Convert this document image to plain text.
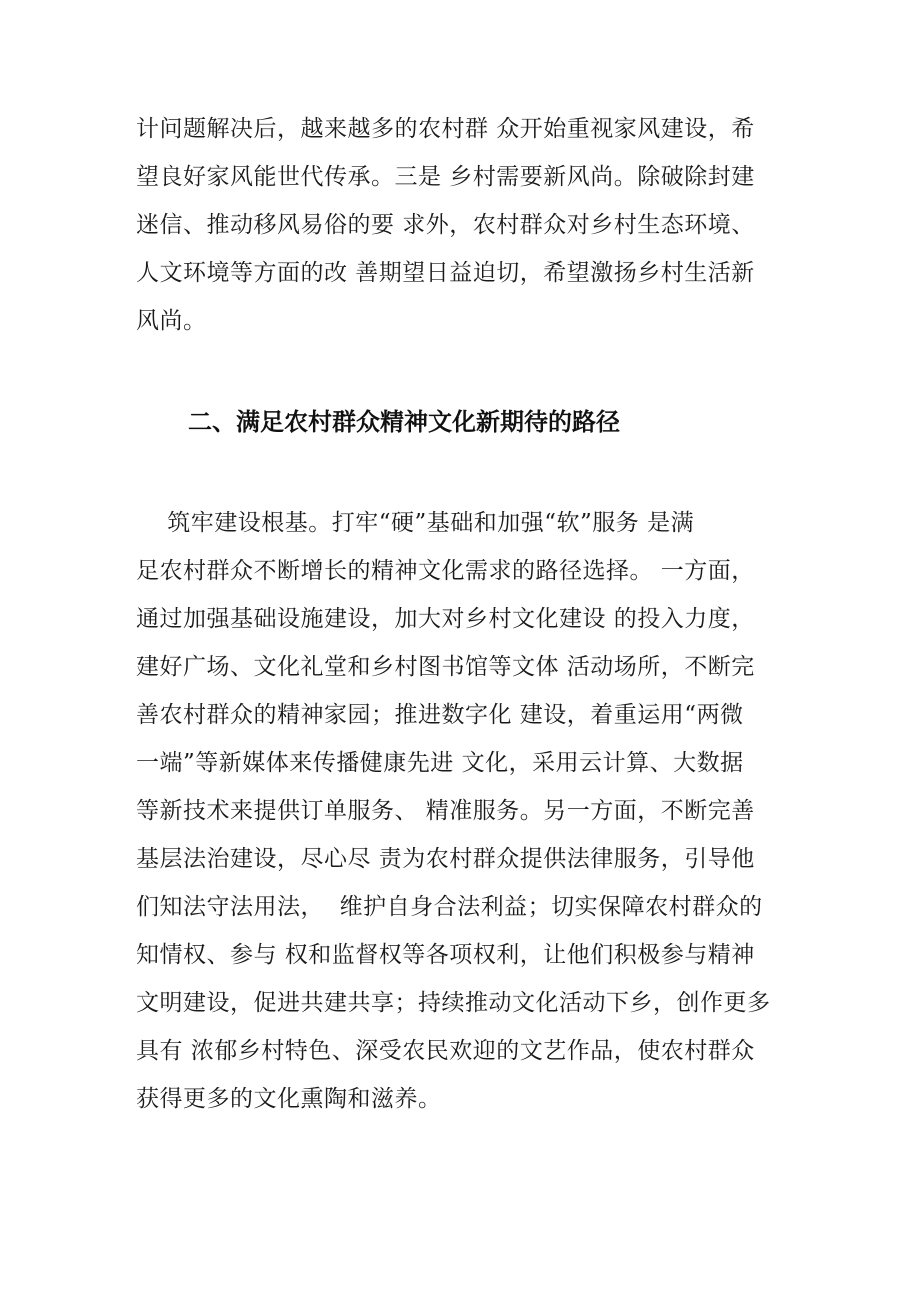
计问题解决后，越来越多的农村群 众开始重视家风建设，希

望良好家风能世代传承。三是 乡村需要新风尚。除破除封建

迷信、推动移风易俗的要 求外，农村群众对乡村生态环境、

人文环境等方面的改 善期望日益迫切，希望激扬乡村生活新

风尚。

二、满足农村群众精神文化新期待的路径

筑牢建设根基。打牢“硬”基础和加强“软”服务 是满

足农村群众不断增长的精神文化需求的路径选择。 一方面，

通过加强基础设施建设，加大对乡村文化建设 的投入力度，

建好广场、文化礼堂和乡村图书馆等文体 活动场所，不断完

善农村群众的精神家园；推进数字化 建设，着重运用“两微

一端”等新媒体来传播健康先进 文化，采用云计算、大数据

等新技术来提供订单服务、 精准服务。另一方面，不断完善

基层法治建设，尽心尽 责为农村群众提供法律服务，引导他

们知法守法用法，  维护自身合法利益；切实保障农村群众的

知情权、参与 权和监督权等各项权利，让他们积极参与精神

文明建设，促进共建共享；持续推动文化活动下乡，创作更多

具有 浓郁乡村特色、深受农民欢迎的文艺作品，使农村群众

获得更多的文化熏陶和滋养。
